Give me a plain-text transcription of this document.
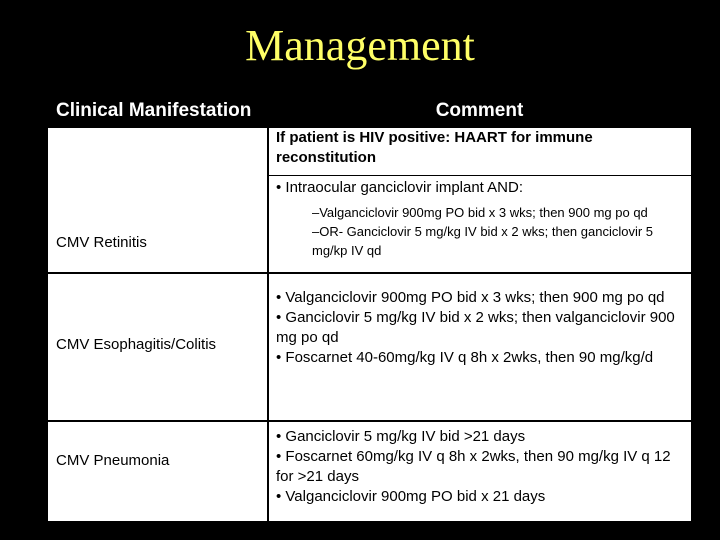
Management
Clinical Manifestation	Comment
CMV Retinitis
If patient is HIV positive: HAART for immune reconstitution
• Intraocular ganciclovir implant AND:
–Valganciclovir 900mg PO bid x 3 wks; then 900 mg po qd
–OR- Ganciclovir 5 mg/kg IV bid x 2 wks; then ganciclovir 5 mg/kp IV qd
CMV Esophagitis/Colitis
• Valganciclovir 900mg PO bid x 3 wks; then 900 mg po qd
• Ganciclovir 5 mg/kg IV bid x 2 wks; then valganciclovir 900 mg po qd
• Foscarnet 40-60mg/kg IV q 8h x 2wks, then 90 mg/kg/d
CMV Pneumonia
• Ganciclovir 5 mg/kg IV bid >21 days
• Foscarnet 60mg/kg IV q 8h x 2wks, then 90 mg/kg IV q 12 for >21 days
• Valganciclovir 900mg PO bid x 21 days
